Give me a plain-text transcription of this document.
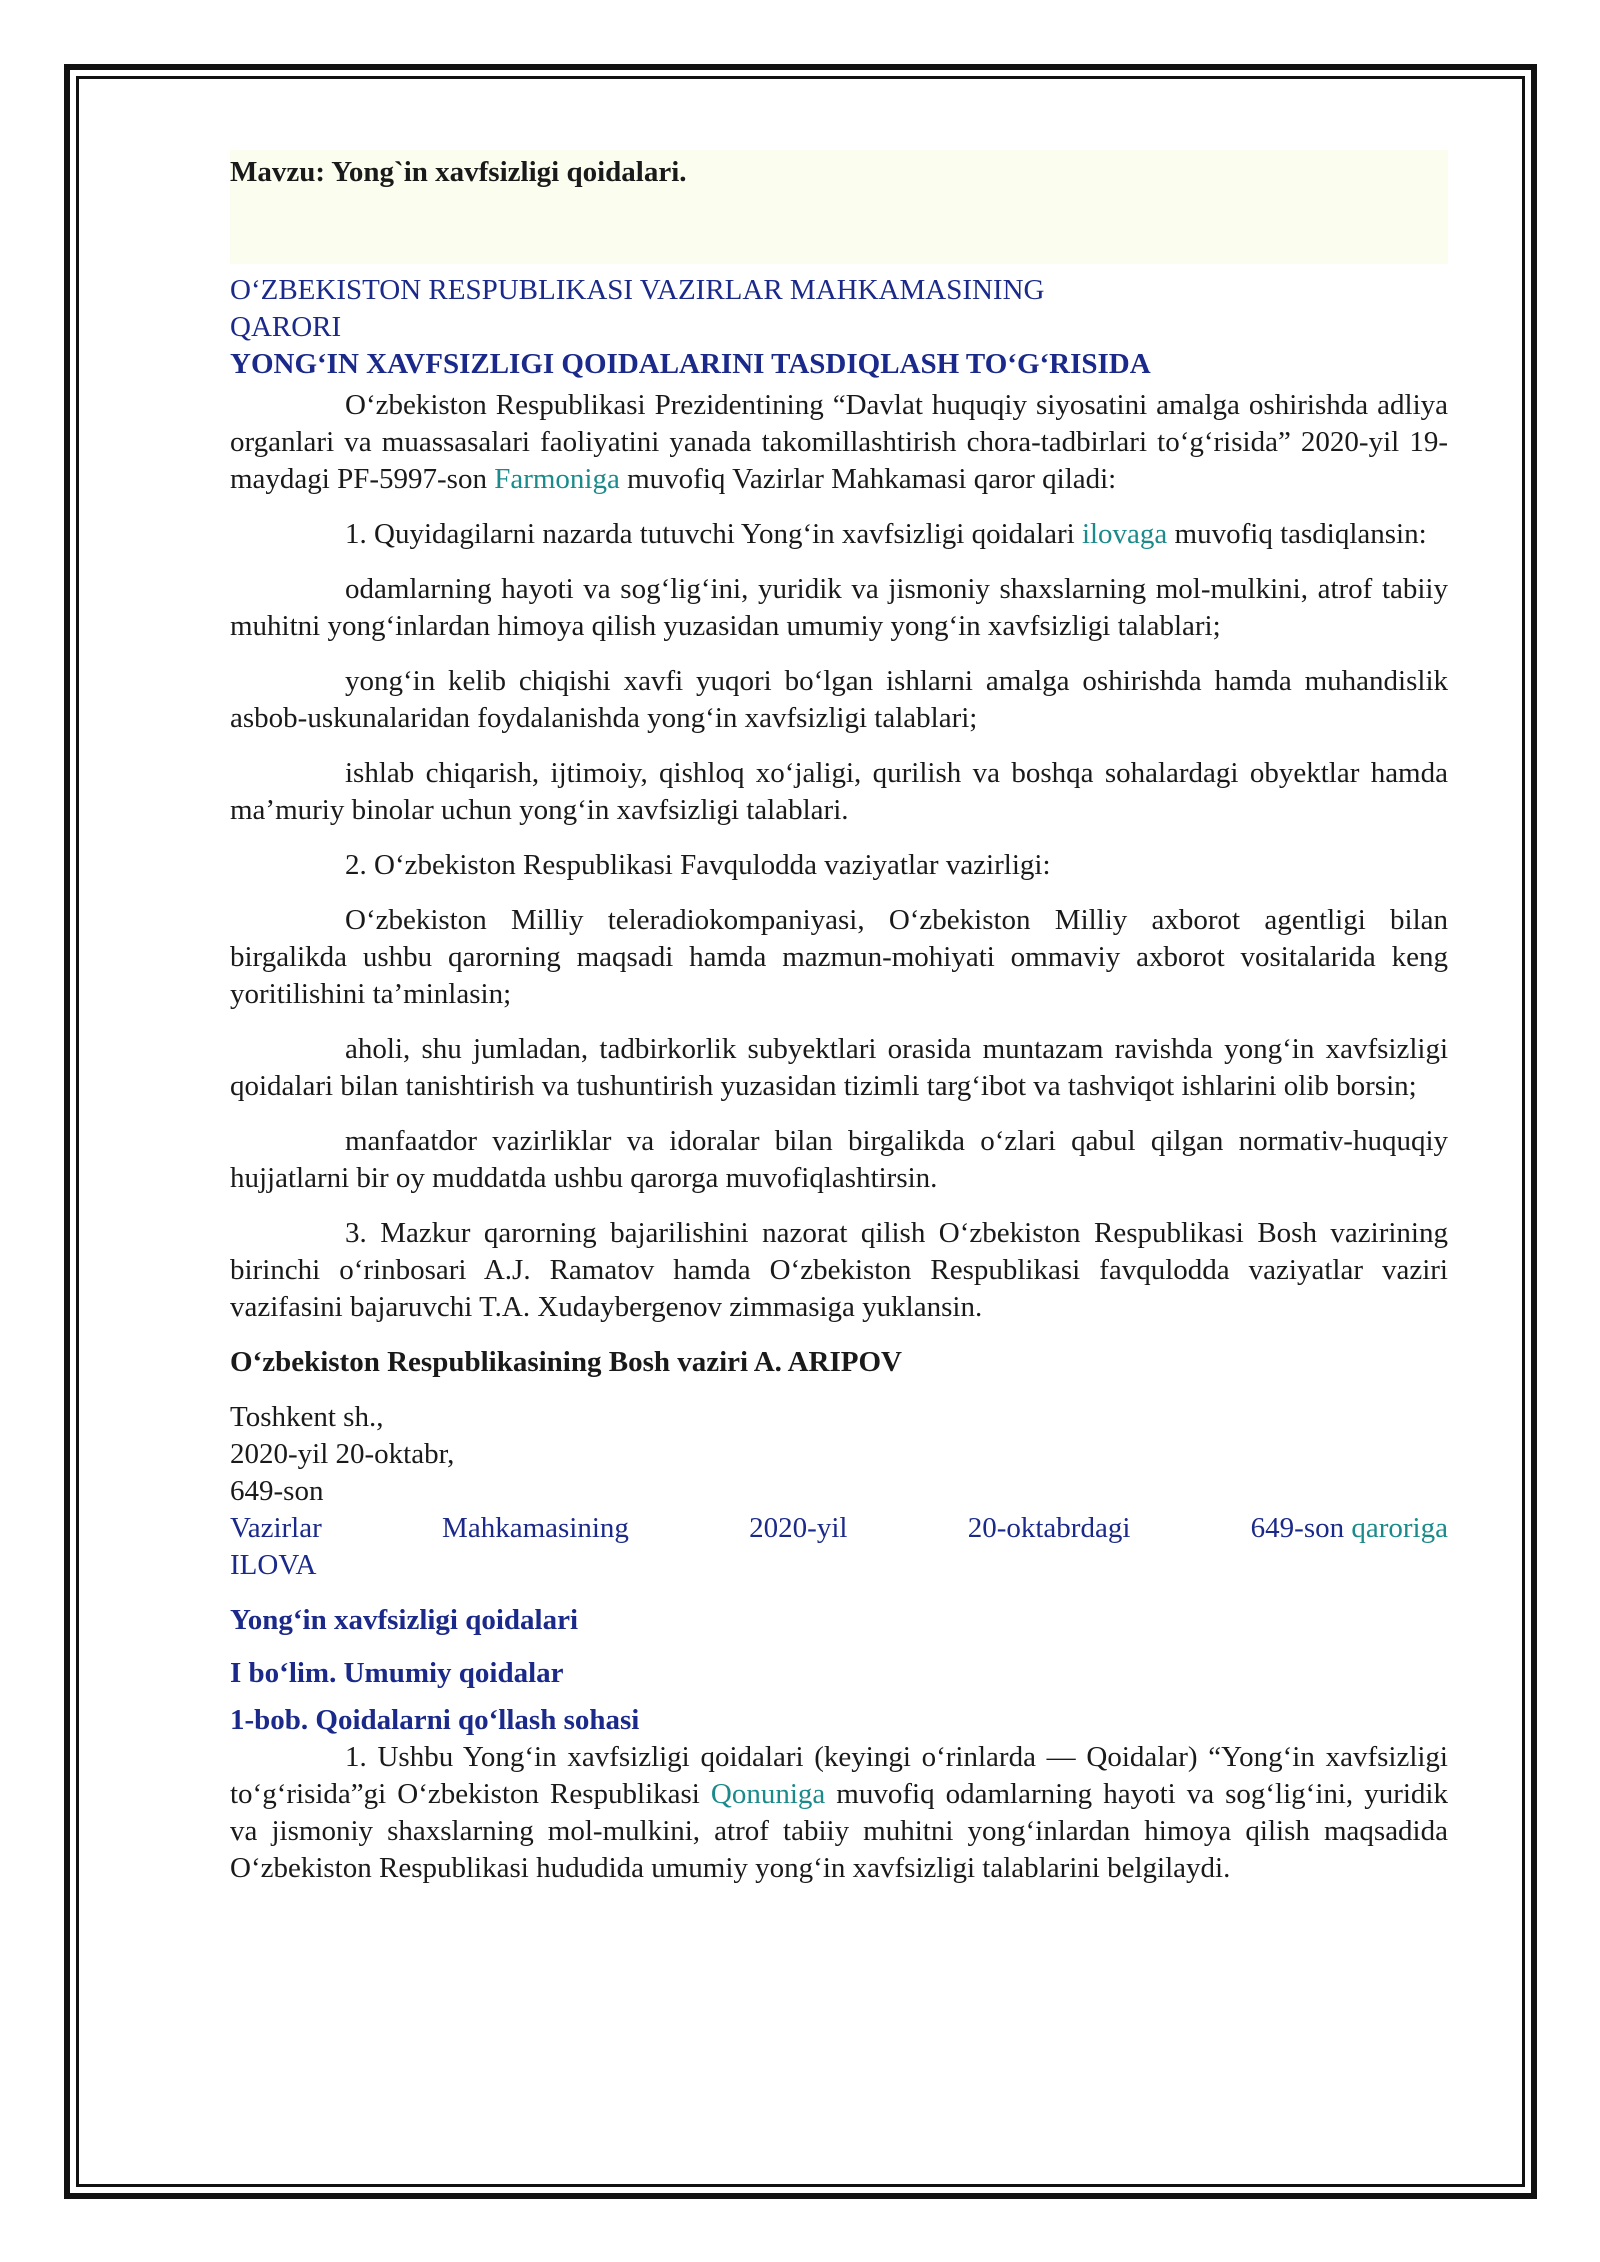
Mavzu: Yong`in xavfsizligi qoidalari.
O‘ZBEKISTON RESPUBLIKASI VAZIRLAR MAHKAMASINING
QARORI
YONG‘IN XAVFSIZLIGI QOIDALARINI TASDIQLASH TO‘G‘RISIDA

O‘zbekiston Respublikasi Prezidentining “Davlat huquqiy siyosatini amalga oshirishda adliya organlari va muassasalari faoliyatini yanada takomillashtirish chora-tadbirlari to‘g‘risida” 2020-yil 19-maydagi PF-5997-son Farmoniga muvofiq Vazirlar Mahkamasi qaror qiladi:

1. Quyidagilarni nazarda tutuvchi Yong‘in xavfsizligi qoidalari ilovaga muvofiq tasdiqlansin:

odamlarning hayoti va sog‘lig‘ini, yuridik va jismoniy shaxslarning mol-mulkini, atrof tabiiy muhitni yong‘inlardan himoya qilish yuzasidan umumiy yong‘in xavfsizligi talablari;

yong‘in kelib chiqishi xavfi yuqori bo‘lgan ishlarni amalga oshirishda hamda muhandislik asbob-uskunalaridan foydalanishda yong‘in xavfsizligi talablari;

ishlab chiqarish, ijtimoiy, qishloq xo‘jaligi, qurilish va boshqa sohalardagi obyektlar hamda ma’muriy binolar uchun yong‘in xavfsizligi talablari.

2. O‘zbekiston Respublikasi Favqulodda vaziyatlar vazirligi:

O‘zbekiston Milliy teleradiokompaniyasi, O‘zbekiston Milliy axborot agentligi bilan birgalikda ushbu qarorning maqsadi hamda mazmun-mohiyati ommaviy axborot vositalarida keng yoritilishini ta’minlasin;

aholi, shu jumladan, tadbirkorlik subyektlari orasida muntazam ravishda yong‘in xavfsizligi qoidalari bilan tanishtirish va tushuntirish yuzasidan tizimli targ‘ibot va tashviqot ishlarini olib borsin;

manfaatdor vazirliklar va idoralar bilan birgalikda o‘zlari qabul qilgan normativ-huquqiy hujjatlarni bir oy muddatda ushbu qarorga muvofiqlashtirsin.

3. Mazkur qarorning bajarilishini nazorat qilish O‘zbekiston Respublikasi Bosh vazirining birinchi o‘rinbosari A.J. Ramatov hamda O‘zbekiston Respublikasi favqulodda vaziyatlar vaziri vazifasini bajaruvchi T.A. Xudaybergenov zimmasiga yuklansin.

O‘zbekiston Respublikasining Bosh vaziri A. ARIPOV
Toshkent sh.,
2020-yil 20-oktabr,
649-son
Vazirlar	Mahkamasining	2020-yil	20-oktabrdagi	649-son qaroriga
ILOVA
Yong‘in xavfsizligi qoidalari
I bo‘lim. Umumiy qoidalar
1-bob. Qoidalarni qo‘llash sohasi

1. Ushbu Yong‘in xavfsizligi qoidalari (keyingi o‘rinlarda — Qoidalar) “Yong‘in xavfsizligi to‘g‘risida”gi O‘zbekiston Respublikasi Qonuniga muvofiq odamlarning hayoti va sog‘lig‘ini, yuridik va jismoniy shaxslarning mol-mulkini, atrof tabiiy muhitni yong‘inlardan himoya qilish maqsadida O‘zbekiston Respublikasi hududida umumiy yong‘in xavfsizligi talablarini belgilaydi.
